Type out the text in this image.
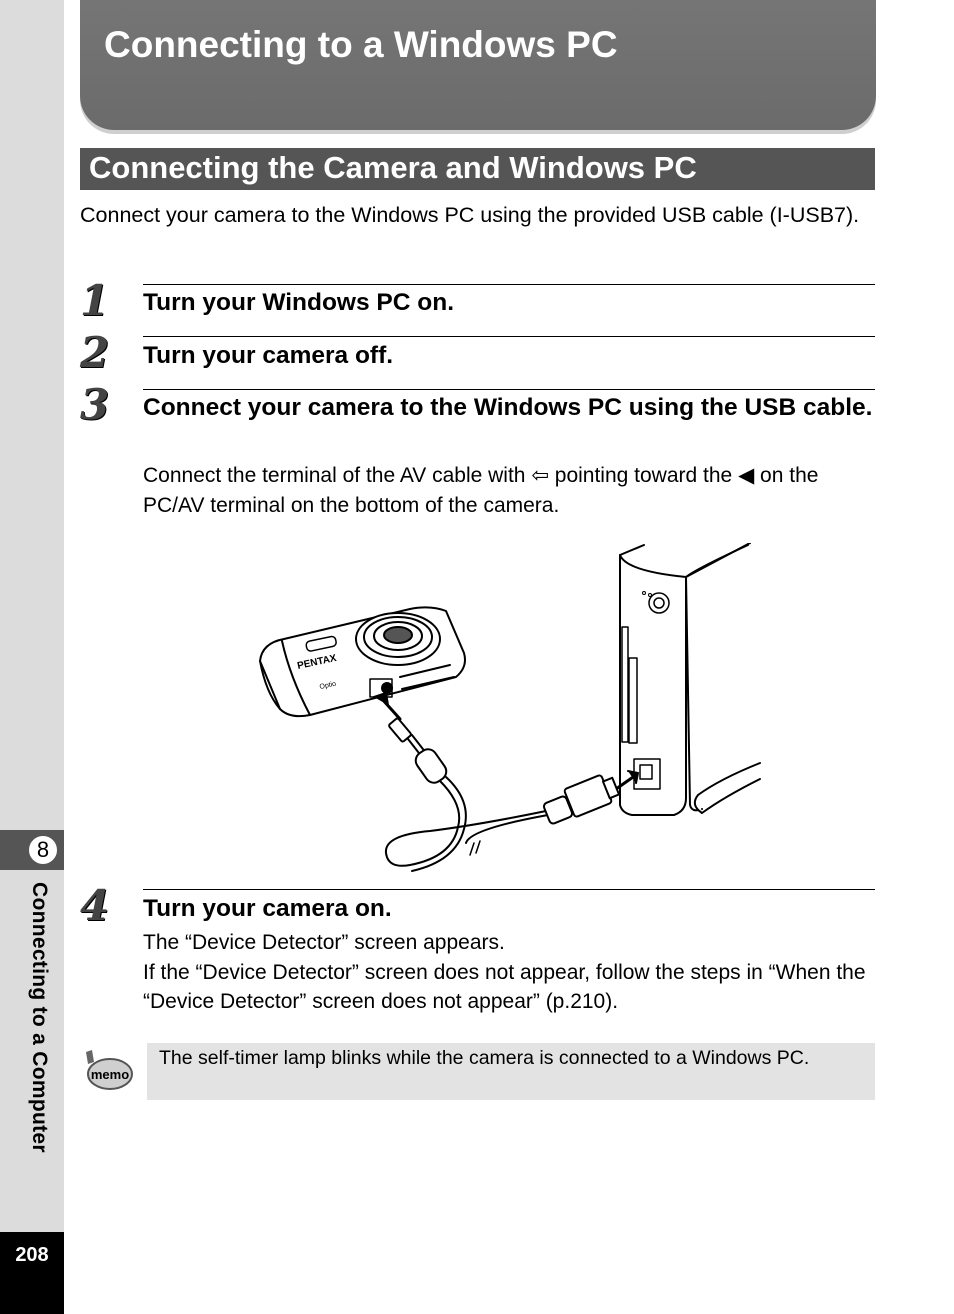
8
Connecting to a Computer
208
Connecting to a Windows PC
Connecting the Camera and Windows PC
Connect your camera to the Windows PC using the provided USB cable (I-USB7).
1 Turn your Windows PC on.
2 Turn your camera off.
3 Connect your camera to the Windows PC using the USB cable.
Connect the terminal of the AV cable with ⇦ pointing toward the ◀ on the PC/AV terminal on the bottom of the camera.
PENTAX
Optio
4 Turn your camera on.
The “Device Detector” screen appears.
If the “Device Detector” screen does not appear, follow the steps in “When the “Device Detector” screen does not appear” (p.210).
memo
The self-timer lamp blinks while the camera is connected to a Windows PC.
